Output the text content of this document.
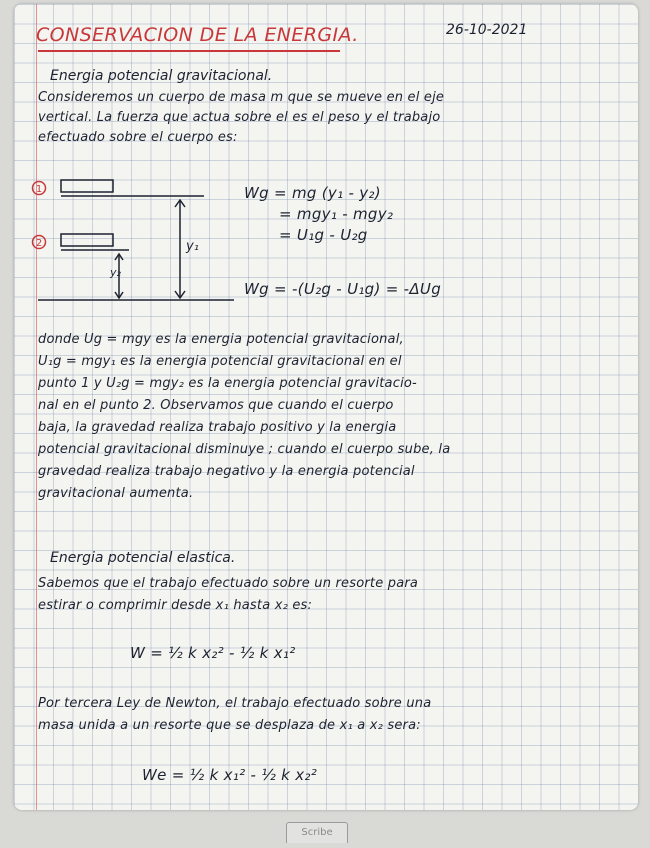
CONSERVACION DE LA ENERGIA.	26-10-2021
Energia potencial gravitacional.
Consideremos un cuerpo de masa m que se mueve en el eje
vertical. La fuerza que actua sobre el es el peso y el trabajo
efectuado sobre el cuerpo es:
1
2	y₁
y₂
Wg = mg (y₁ - y₂)
= mgy₁ - mgy₂
= U₁g - U₂g
Wg = -(U₂g - U₁g) = -ΔUg
donde Ug = mgy es la energia potencial gravitacional,
U₁g = mgy₁ es la energia potencial gravitacional en el
punto 1 y U₂g = mgy₂ es la energia potencial gravitacio-
nal en el punto 2. Observamos que cuando el cuerpo
baja, la gravedad realiza trabajo positivo y la energia
potencial gravitacional disminuye ; cuando el cuerpo sube, la
gravedad realiza trabajo negativo y la energia potencial
gravitacional aumenta.
Energia potencial elastica.
Sabemos que el trabajo efectuado sobre un resorte para
estirar o comprimir desde x₁ hasta x₂ es:
W = ½ k x₂² - ½ k x₁²
Por tercera Ley de Newton, el trabajo efectuado sobre una
masa unida a un resorte que se desplaza de x₁ a x₂ sera:
We = ½ k x₁² - ½ k x₂²
Scribe
